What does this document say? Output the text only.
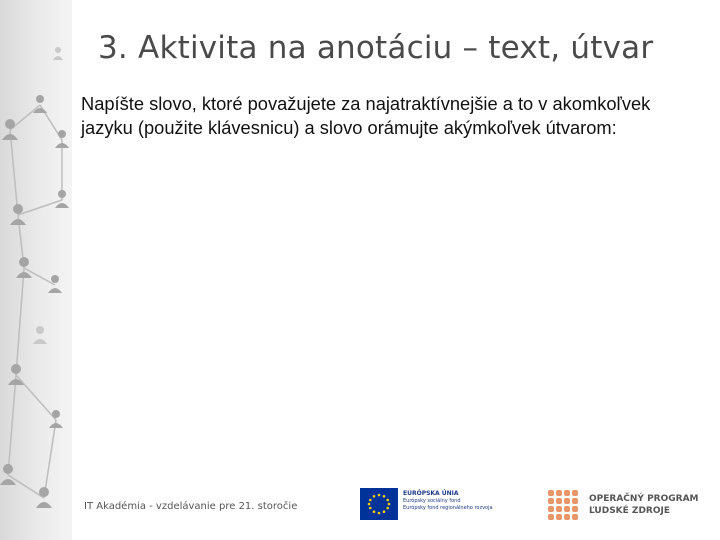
3. Aktivita na anotáciu – text, útvar
Napíšte slovo, ktoré považujete za najatraktívnejšie a to v akomkoľvek
jazyku (použite klávesnicu) a slovo orámujte akýmkoľvek útvarom:
IT Akadémia - vzdelávanie pre 21. storočie
EURÓPSKA ÚNIA
Európsky sociálny fond
Európsky fond regionálneho rozvoja
OPERAČNÝ PROGRAM
ĽUDSKÉ ZDROJE
